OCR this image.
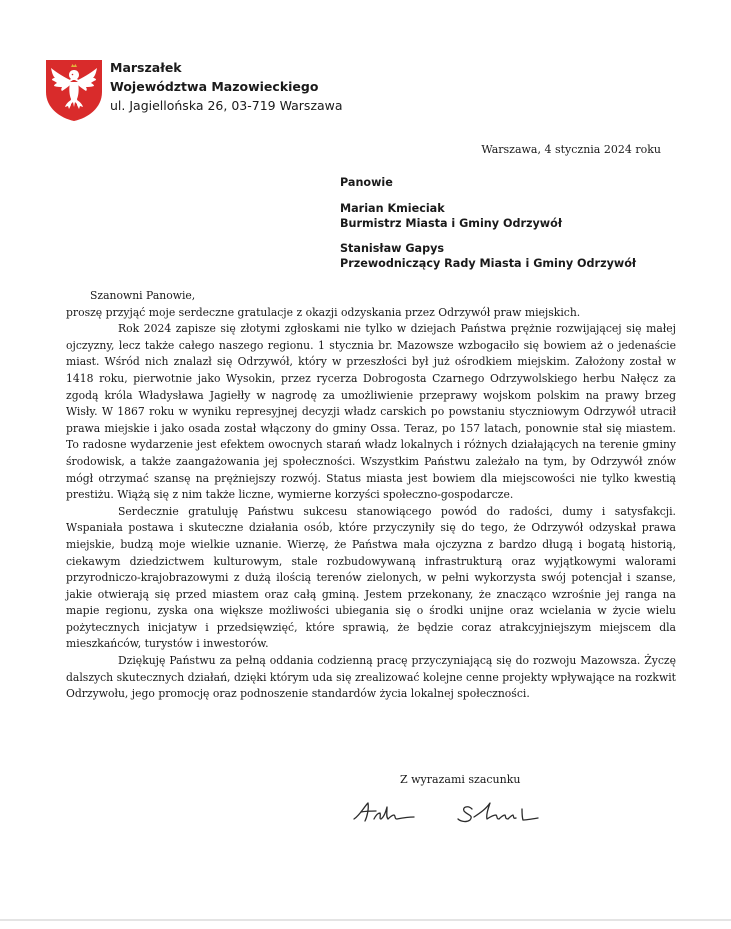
Marszałek
Województwa Mazowieckiego
ul. Jagiellońska 26, 03-719 Warszawa
Warszawa, 4 stycznia 2024 roku
Panowie
Marian Kmieciak
Burmistrz Miasta i Gminy Odrzywół
Stanisław Gapys
Przewodniczący Rady Miasta i Gminy Odrzywół

Szanowni Panowie,

proszę przyjąć moje serdeczne gratulacje z okazji odzyskania przez Odrzywół praw miejskich.

Rok 2024 zapisze się złotymi zgłoskami nie tylko w dziejach Państwa prężnie rozwijającej się małej ojczyzny, lecz także całego naszego regionu. 1 stycznia br. Mazowsze wzbogaciło się bowiem aż o jedenaście miast. Wśród nich znalazł się Odrzywół, który w przeszłości był już ośrodkiem miejskim. Założony został w 1418 roku, pierwotnie jako Wysokin, przez rycerza Dobrogosta Czarnego Odrzywolskiego herbu Nałęcz za zgodą króla Władysława Jagiełły w nagrodę za umożliwienie przeprawy wojskom polskim na prawy brzeg Wisły. W 1867 roku w wyniku represyjnej decyzji władz carskich po powstaniu styczniowym Odrzywół utracił prawa miejskie i jako osada został włączony do gminy Ossa. Teraz, po 157 latach, ponownie stał się miastem. To radosne wydarzenie jest efektem owocnych starań władz lokalnych i różnych działających na terenie gminy środowisk, a także zaangażowania jej społeczności. Wszystkim Państwu zależało na tym, by Odrzywół znów mógł otrzymać szansę na prężniejszy rozwój. Status miasta jest bowiem dla miejscowości nie tylko kwestią prestiżu. Wiążą się z nim także liczne, wymierne korzyści społeczno-gospodarcze.

Serdecznie gratuluję Państwu sukcesu stanowiącego powód do radości, dumy i satysfakcji. Wspaniała postawa i skuteczne działania osób, które przyczyniły się do tego, że Odrzywół odzyskał prawa miejskie, budzą moje wielkie uznanie. Wierzę, że Państwa mała ojczyzna z bardzo długą i bogatą historią, ciekawym dziedzictwem kulturowym, stale rozbudowywaną infrastrukturą oraz wyjątkowymi walorami przyrodniczo-krajobrazowymi z dużą ilością terenów zielonych, w pełni wykorzysta swój potencjał i szanse, jakie otwierają się przed miastem oraz całą gminą. Jestem przekonany, że znacząco wzrośnie jej ranga na mapie regionu, zyska ona większe możliwości ubiegania się o środki unijne oraz wcielania w życie wielu pożytecznych inicjatyw i przedsięwzięć, które sprawią, że będzie coraz atrakcyjniejszym miejscem dla mieszkańców, turystów i inwestorów.

Dziękuję Państwu za pełną oddania codzienną pracę przyczyniającą się do rozwoju Mazowsza. Życzę dalszych skutecznych działań, dzięki którym uda się zrealizować kolejne cenne projekty wpływające na rozkwit Odrzywołu, jego promocję oraz podnoszenie standardów życia lokalnej społeczności.

Z wyrazami szacunku
